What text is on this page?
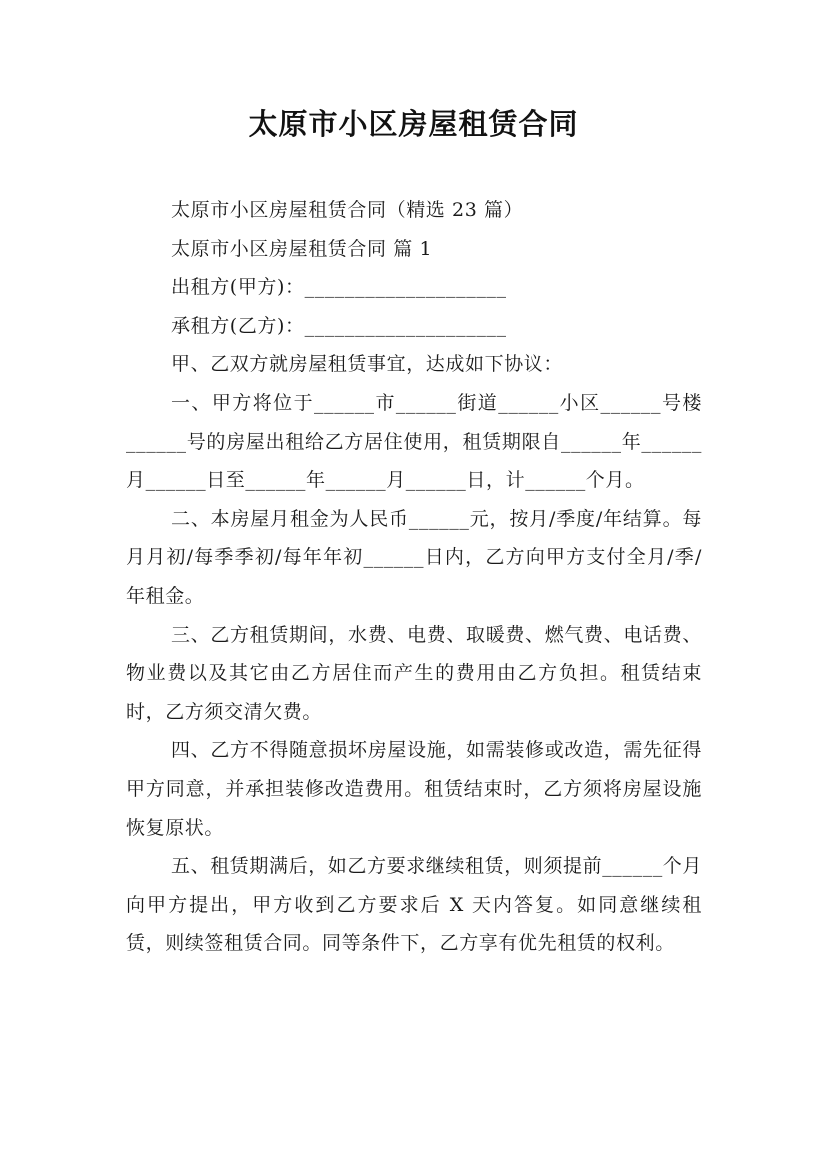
太原市小区房屋租赁合同

太原市小区房屋租赁合同（精选 23 篇）

太原市小区房屋租赁合同 篇 1

出租方(甲方)：____________________

承租方(乙方)：____________________

甲、乙双方就房屋租赁事宜，达成如下协议：

一、甲方将位于______市______街道______小区______号楼______号的房屋出租给乙方居住使用，租赁期限自______年______月______日至______年______月______日，计______个月。

二、本房屋月租金为人民币______元，按月/季度/年结算。每月月初/每季季初/每年年初______日内，乙方向甲方支付全月/季/年租金。

三、乙方租赁期间，水费、电费、取暖费、燃气费、电话费、物业费以及其它由乙方居住而产生的费用由乙方负担。租赁结束时，乙方须交清欠费。

四、乙方不得随意损坏房屋设施，如需装修或改造，需先征得甲方同意，并承担装修改造费用。租赁结束时，乙方须将房屋设施恢复原状。

五、租赁期满后，如乙方要求继续租赁，则须提前______个月向甲方提出，甲方收到乙方要求后 X 天内答复。如同意继续租赁，则续签租赁合同。同等条件下，乙方享有优先租赁的权利。
